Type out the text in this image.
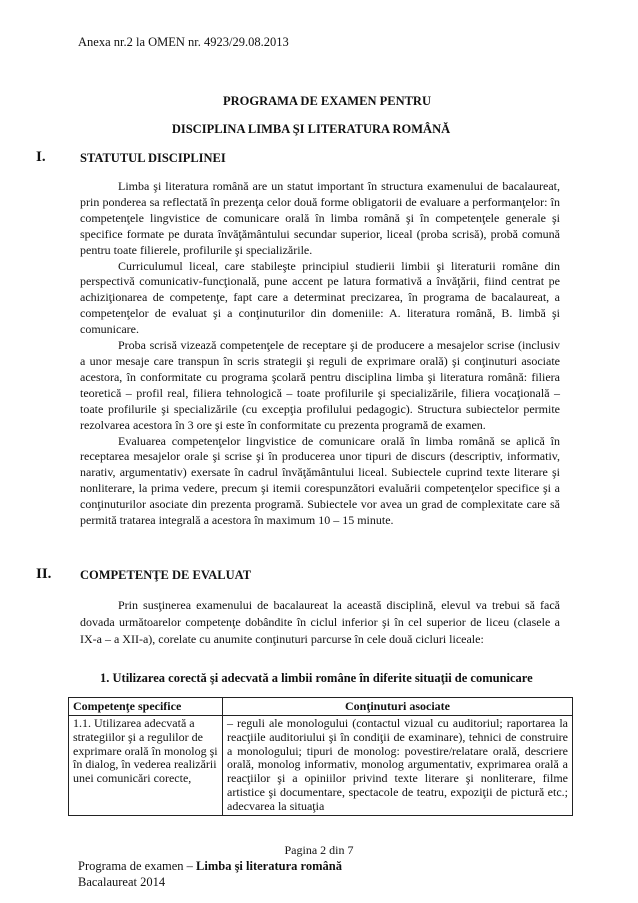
Anexa nr.2 la OMEN nr. 4923/29.08.2013
PROGRAMA DE EXAMEN PENTRU
DISCIPLINA LIMBA ŞI LITERATURA ROMÂNĂ
I.	STATUTUL DISCIPLINEI

Limba şi literatura română are un statut important în structura examenului de bacalaureat, prin ponderea sa reflectată în prezenţa celor două forme obligatorii de evaluare a performanţelor: în competenţele lingvistice de comunicare orală în limba română şi în competenţele generale şi specifice formate pe durata învăţământului secundar superior, liceal (proba scrisă), probă comună pentru toate filierele, profilurile şi specializările.

Curriculumul liceal, care stabileşte principiul studierii limbii şi literaturii române din perspectivă comunicativ-funcţională, pune accent pe latura formativă a învăţării, fiind centrat pe achiziţionarea de competenţe, fapt care a determinat precizarea, în programa de bacalaureat, a competenţelor de evaluat şi a conţinuturilor din domeniile: A. literatura română, B. limbă şi comunicare.

Proba scrisă vizează competenţele de receptare şi de producere a mesajelor scrise (inclusiv a unor mesaje care transpun în scris strategii şi reguli de exprimare orală) şi conţinuturi asociate acestora, în conformitate cu programa şcolară pentru disciplina limba şi literatura română: filiera teoretică – profil real, filiera tehnologică – toate profilurile şi specializările, filiera vocaţională – toate profilurile şi specializările (cu excepţia profilului pedagogic). Structura subiectelor permite rezolvarea acestora în 3 ore şi este în conformitate cu prezenta programă de examen.

Evaluarea competenţelor lingvistice de comunicare orală în limba română se aplică în receptarea mesajelor orale şi scrise şi în producerea unor tipuri de discurs (descriptiv, informativ, narativ, argumentativ) exersate în cadrul învăţământului liceal. Subiectele cuprind texte literare şi nonliterare, la prima vedere, precum şi itemii corespunzători evaluării competenţelor specifice şi a conţinuturilor asociate din prezenta programă. Subiectele vor avea un grad de complexitate care să permită tratarea integrală a acestora în maximum 10 – 15 minute.

II. COMPETENŢE DE EVALUAT

Prin susţinerea examenului de bacalaureat la această disciplină, elevul va trebui să facă dovada următoarelor competenţe dobândite în ciclul inferior şi în cel superior de liceu (clasele a IX-a – a XII-a), corelate cu anumite conţinuturi parcurse în cele două cicluri liceale:

1. Utilizarea corectă şi adecvată a limbii române în diferite situaţii de comunicare
Competenţe specifice	Conţinuturi asociate
1.1. Utilizarea adecvată a strategiilor şi a regulilor de exprimare orală în monolog şi în dialog, în vederea realizării unei comunicări corecte,	– reguli ale monologului (contactul vizual cu auditoriul; raportarea la reacţiile auditoriului şi în condiţii de examinare), tehnici de construire a monologului; tipuri de monolog: povestire/relatare orală, descriere orală, monolog informativ, monolog argumentativ, exprimarea orală a reacţiilor şi a opiniilor privind texte literare şi nonliterare, filme artistice şi documentare, spectacole de teatru, expoziţii de pictură etc.; adecvarea la situaţia
Pagina 2 din 7
Programa de examen – Limba şi literatura română
Bacalaureat 2014
